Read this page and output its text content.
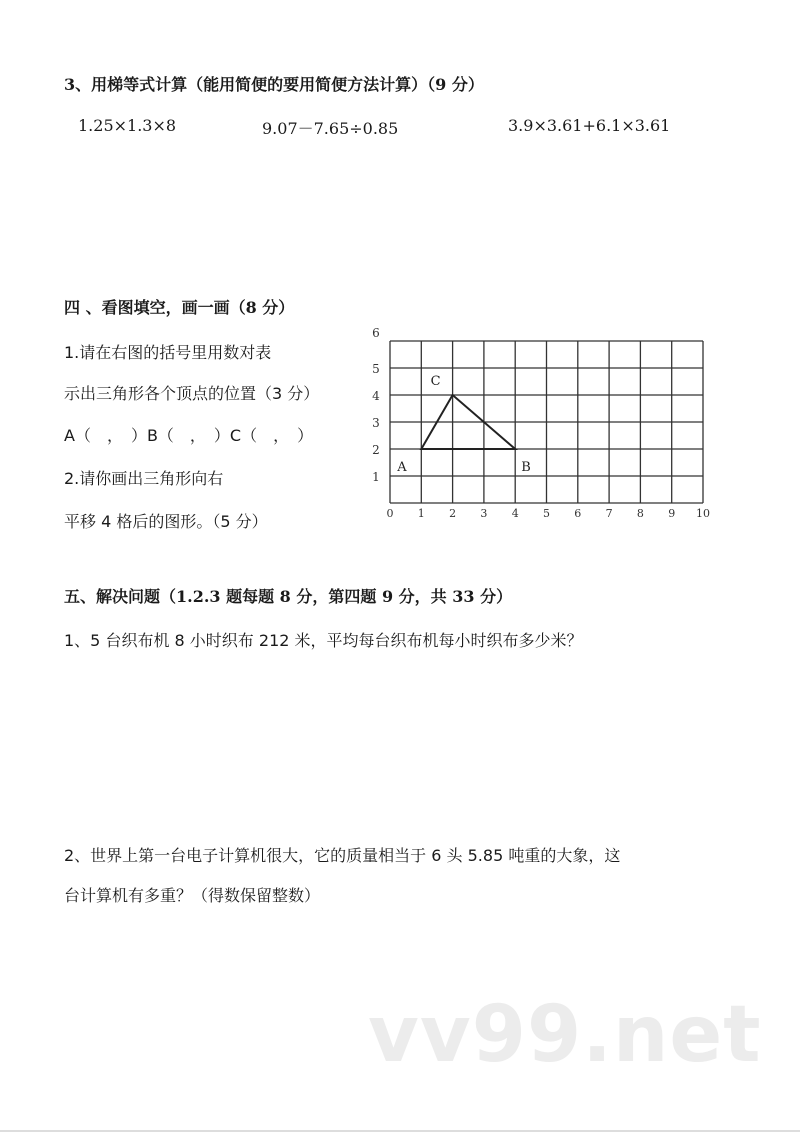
3、用梯等式计算（能用简便的要用简便方法计算）（9 分）
1.25×1.3×8	9.07－7.65÷0.85	3.9×3.61+6.1×3.61
四 、看图填空，画一画（8 分）
1.请在右图的括号里用数对表
示出三角形各个顶点的位置（3 分）
A（　，　）B（　，　）C（　，　）
2.请你画出三角形向右
平移 4 格后的图形。（5 分）	0 1 2 3 4 5 6 7 8 9 10
1
2
3
4
5
6
A	B
C
五、解决问题（1.2.3 题每题 8 分，第四题 9 分，共 33 分）
1、5 台织布机 8 小时织布 212 米，平均每台织布机每小时织布多少米？
2、世界上第一台电子计算机很大，它的质量相当于 6 头 5.85 吨重的大象，这
台计算机有多重？（得数保留整数）
vv99.net
